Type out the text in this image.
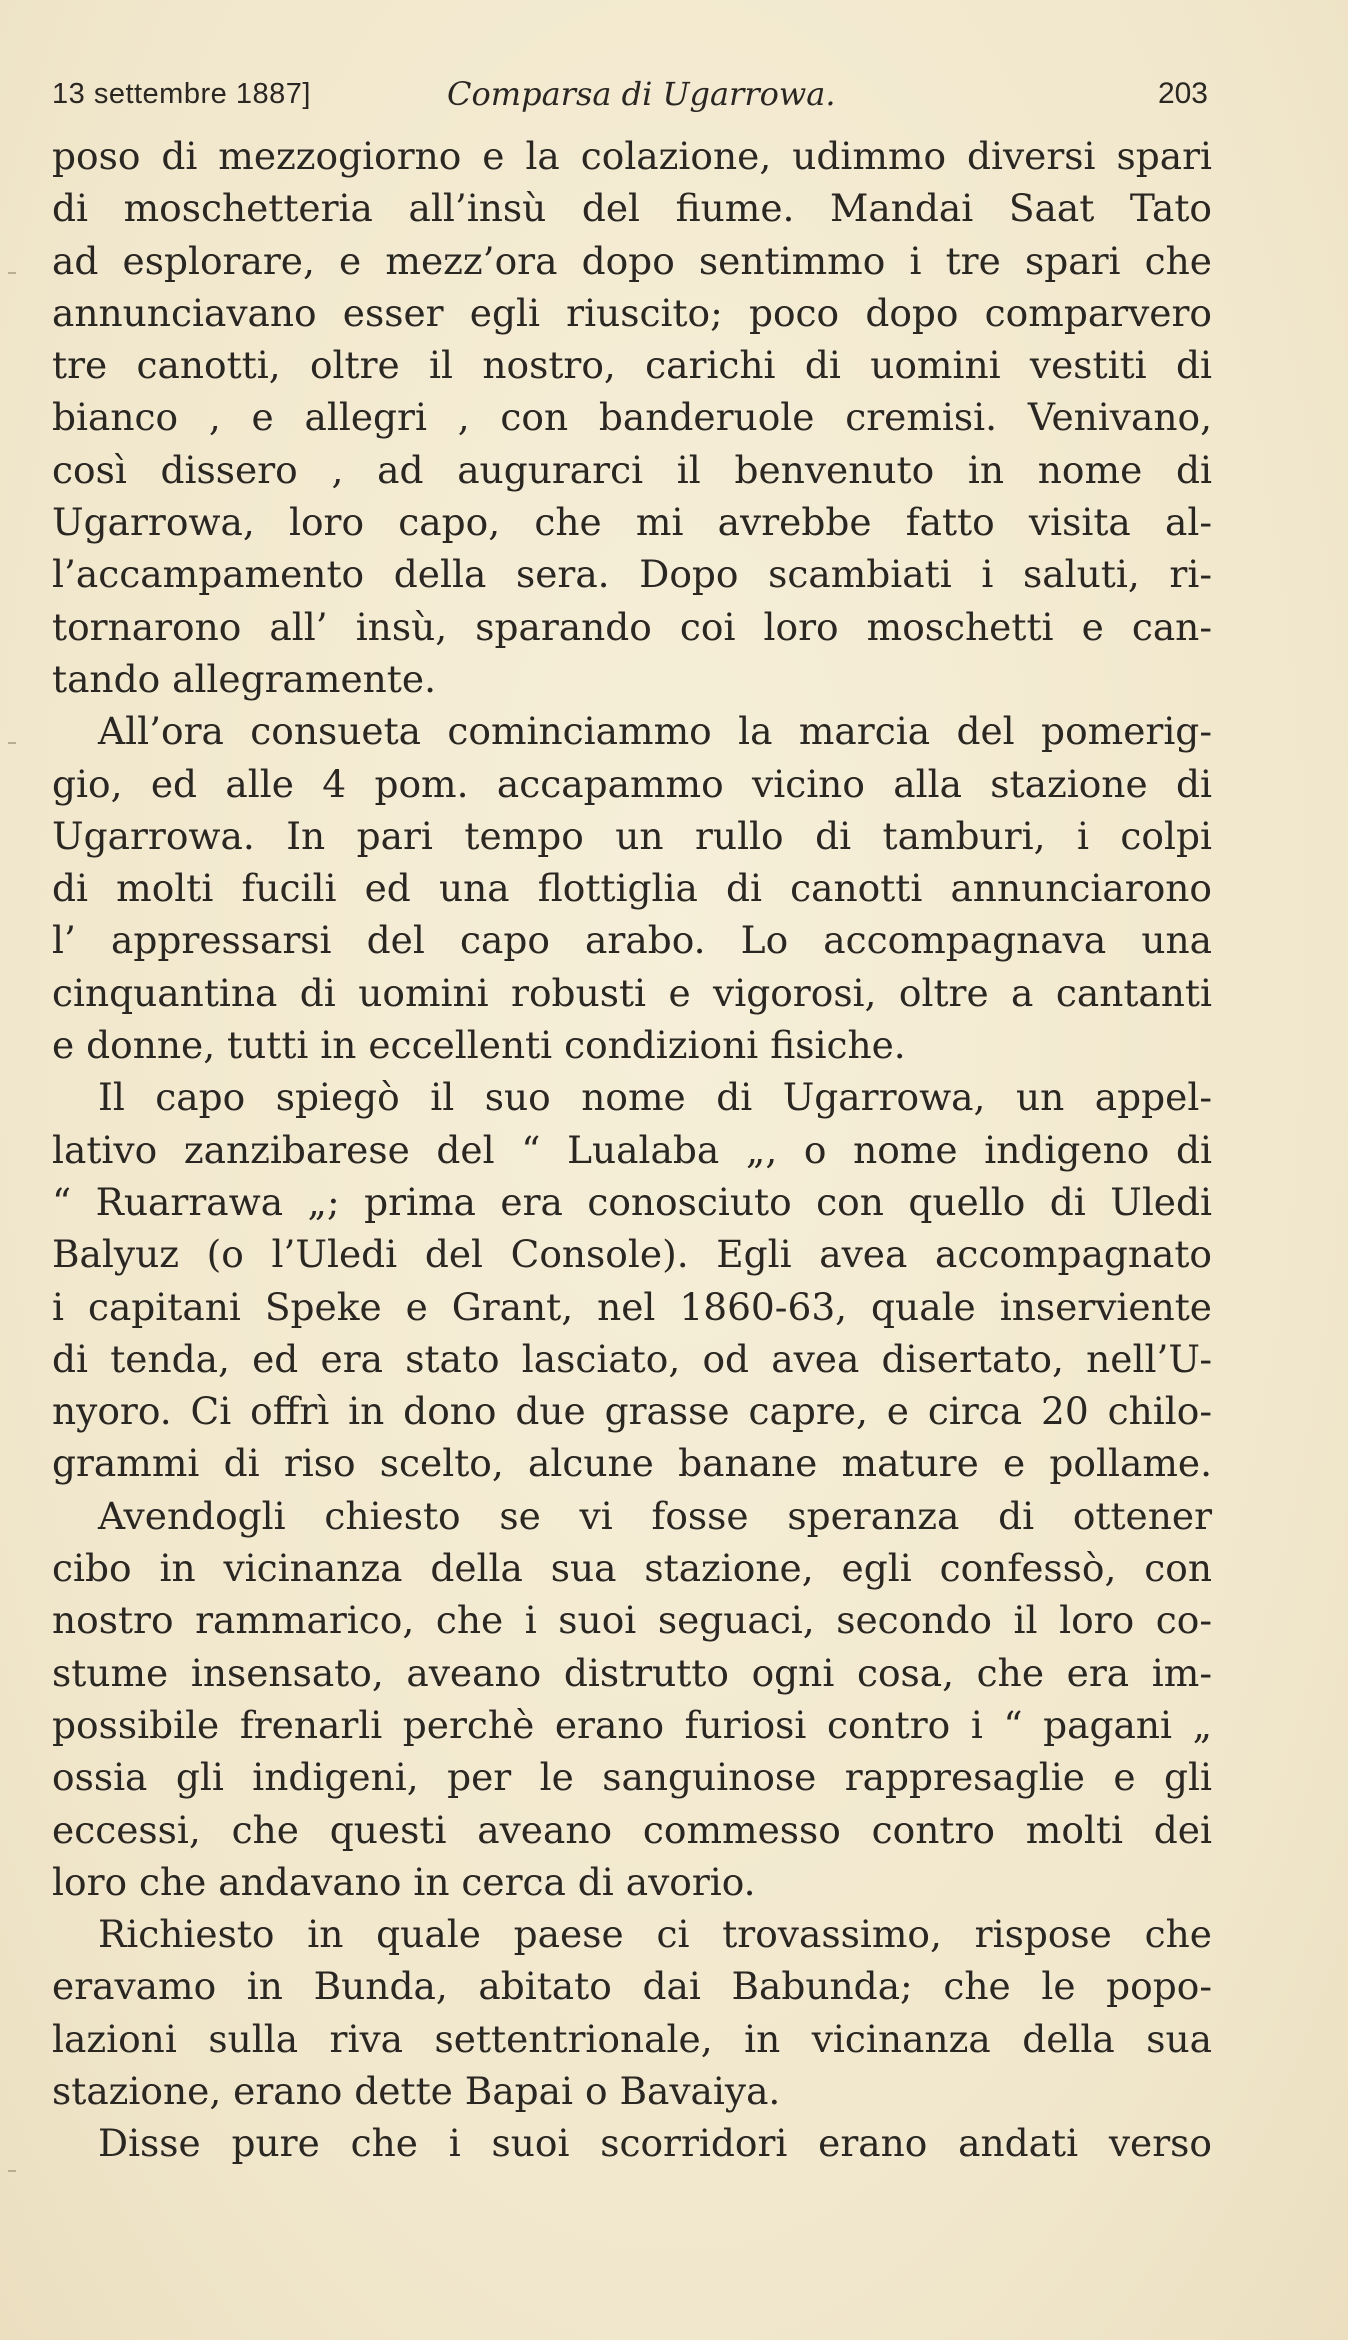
13 settembre 1887]	Comparsa di Ugarrowa.	203
poso di mezzogiorno e la colazione, udimmo diversi spari
di moschetteria all’insù del fiume. Mandai Saat Tato
ad esplorare, e mezz’ora dopo sentimmo i tre spari che
annunciavano esser egli riuscito; poco dopo comparvero
tre canotti, oltre il nostro, carichi di uomini vestiti di
bianco , e allegri , con banderuole cremisi. Venivano,
così dissero , ad augurarci il benvenuto in nome di
Ugarrowa, loro capo, che mi avrebbe fatto visita al-
l’accampamento della sera. Dopo scambiati i saluti, ri-
tornarono all’ insù, sparando coi loro moschetti e can-
tando allegramente.
All’ora consueta cominciammo la marcia del pomerig-
gio, ed alle 4 pom. accapammo vicino alla stazione di
Ugarrowa. In pari tempo un rullo di tamburi, i colpi
di molti fucili ed una flottiglia di canotti annunciarono
l’ appressarsi del capo arabo. Lo accompagnava una
cinquantina di uomini robusti e vigorosi, oltre a cantanti
e donne, tutti in eccellenti condizioni fisiche.
Il capo spiegò il suo nome di Ugarrowa, un appel-
lativo zanzibarese del “ Lualaba „, o nome indigeno di
“ Ruarrawa „; prima era conosciuto con quello di Uledi
Balyuz (o l’Uledi del Console). Egli avea accompagnato
i capitani Speke e Grant, nel 1860-63, quale inserviente
di tenda, ed era stato lasciato, od avea disertato, nell’U-
nyoro. Ci offrì in dono due grasse capre, e circa 20 chilo-
grammi di riso scelto, alcune banane mature e pollame.
Avendogli chiesto se vi fosse speranza di ottener
cibo in vicinanza della sua stazione, egli confessò, con
nostro rammarico, che i suoi seguaci, secondo il loro co-
stume insensato, aveano distrutto ogni cosa, che era im-
possibile frenarli perchè erano furiosi contro i “ pagani „
ossia gli indigeni, per le sanguinose rappresaglie e gli
eccessi, che questi aveano commesso contro molti dei
loro che andavano in cerca di avorio.
Richiesto in quale paese ci trovassimo, rispose che
eravamo in Bunda, abitato dai Babunda; che le popo-
lazioni sulla riva settentrionale, in vicinanza della sua
stazione, erano dette Bapai o Bavaiya.
Disse pure che i suoi scorridori erano andati verso
